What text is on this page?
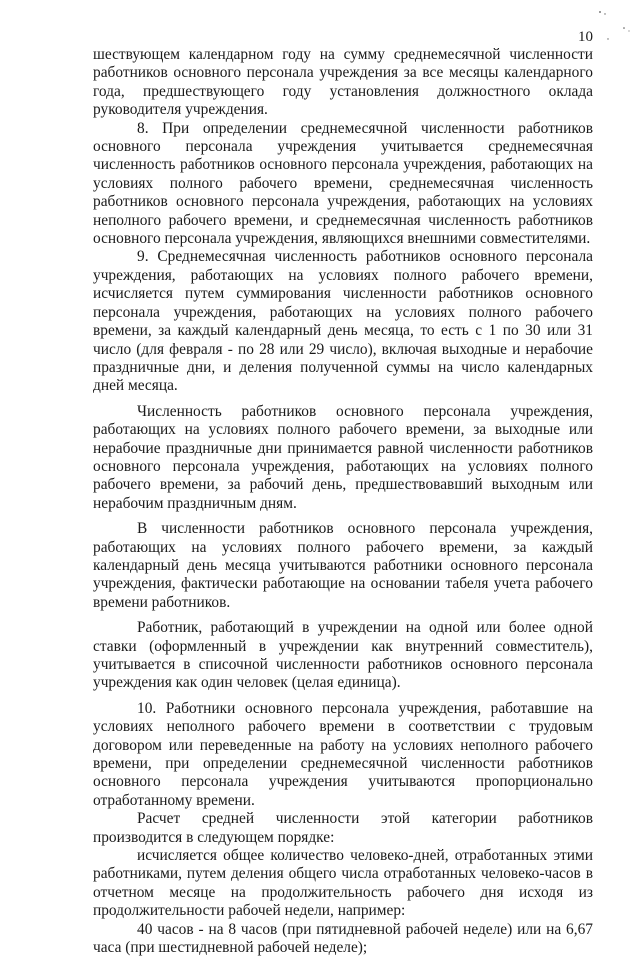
10

шествующем календарном году на сумму среднемесячной численности работников основного персонала учреждения за все месяцы календарного года, предшествующего году установления должностного оклада руководителя учреждения.

8. При определении среднемесячной численности работников основного персонала учреждения учитывается среднемесячная численность работников основного персонала учреждения, работающих на условиях полного рабочего времени, среднемесячная численность работников основного персонала учреждения, работающих на условиях неполного рабочего времени, и среднемесячная численность работников основного персонала учреждения, являющихся внешними совместителями.

9. Среднемесячная численность работников основного персонала учреждения, работающих на условиях полного рабочего времени, исчисляется путем суммирования численности работников основного персонала учреждения, работающих на условиях полного рабочего времени, за каждый календарный день месяца, то есть с 1 по 30 или 31 число (для февраля - по 28 или 29 число), включая выходные и нерабочие праздничные дни, и деления полученной суммы на число календарных дней месяца.

Численность работников основного персонала учреждения, работающих на условиях полного рабочего времени, за выходные или нерабочие праздничные дни принимается равной численности работников основного персонала учреждения, работающих на условиях полного рабочего времени, за рабочий день, предшествовавший выходным или нерабочим праздничным дням.

В численности работников основного персонала учреждения, работающих на условиях полного рабочего времени, за каждый календарный день месяца учитываются работники основного персонала учреждения, фактически работающие на основании табеля учета рабочего времени работников.

Работник, работающий в учреждении на одной или более одной ставки (оформленный в учреждении как внутренний совместитель), учитывается в списочной численности работников основного персонала учреждения как один человек (целая единица).

10. Работники основного персонала учреждения, работавшие на условиях неполного рабочего времени в соответствии с трудовым договором или переведенные на работу на условиях неполного рабочего времени, при определении среднемесячной численности работников основного персонала учреждения учитываются пропорционально отработанному времени.

Расчет средней численности этой категории работников производится в следующем порядке:

исчисляется общее количество человеко-дней, отработанных этими работниками, путем деления общего числа отработанных человеко-часов в отчетном месяце на продолжительность рабочего дня исходя из продолжительности рабочей недели, например:

40 часов - на 8 часов (при пятидневной рабочей неделе) или на 6,67 часа (при шестидневной рабочей неделе);
